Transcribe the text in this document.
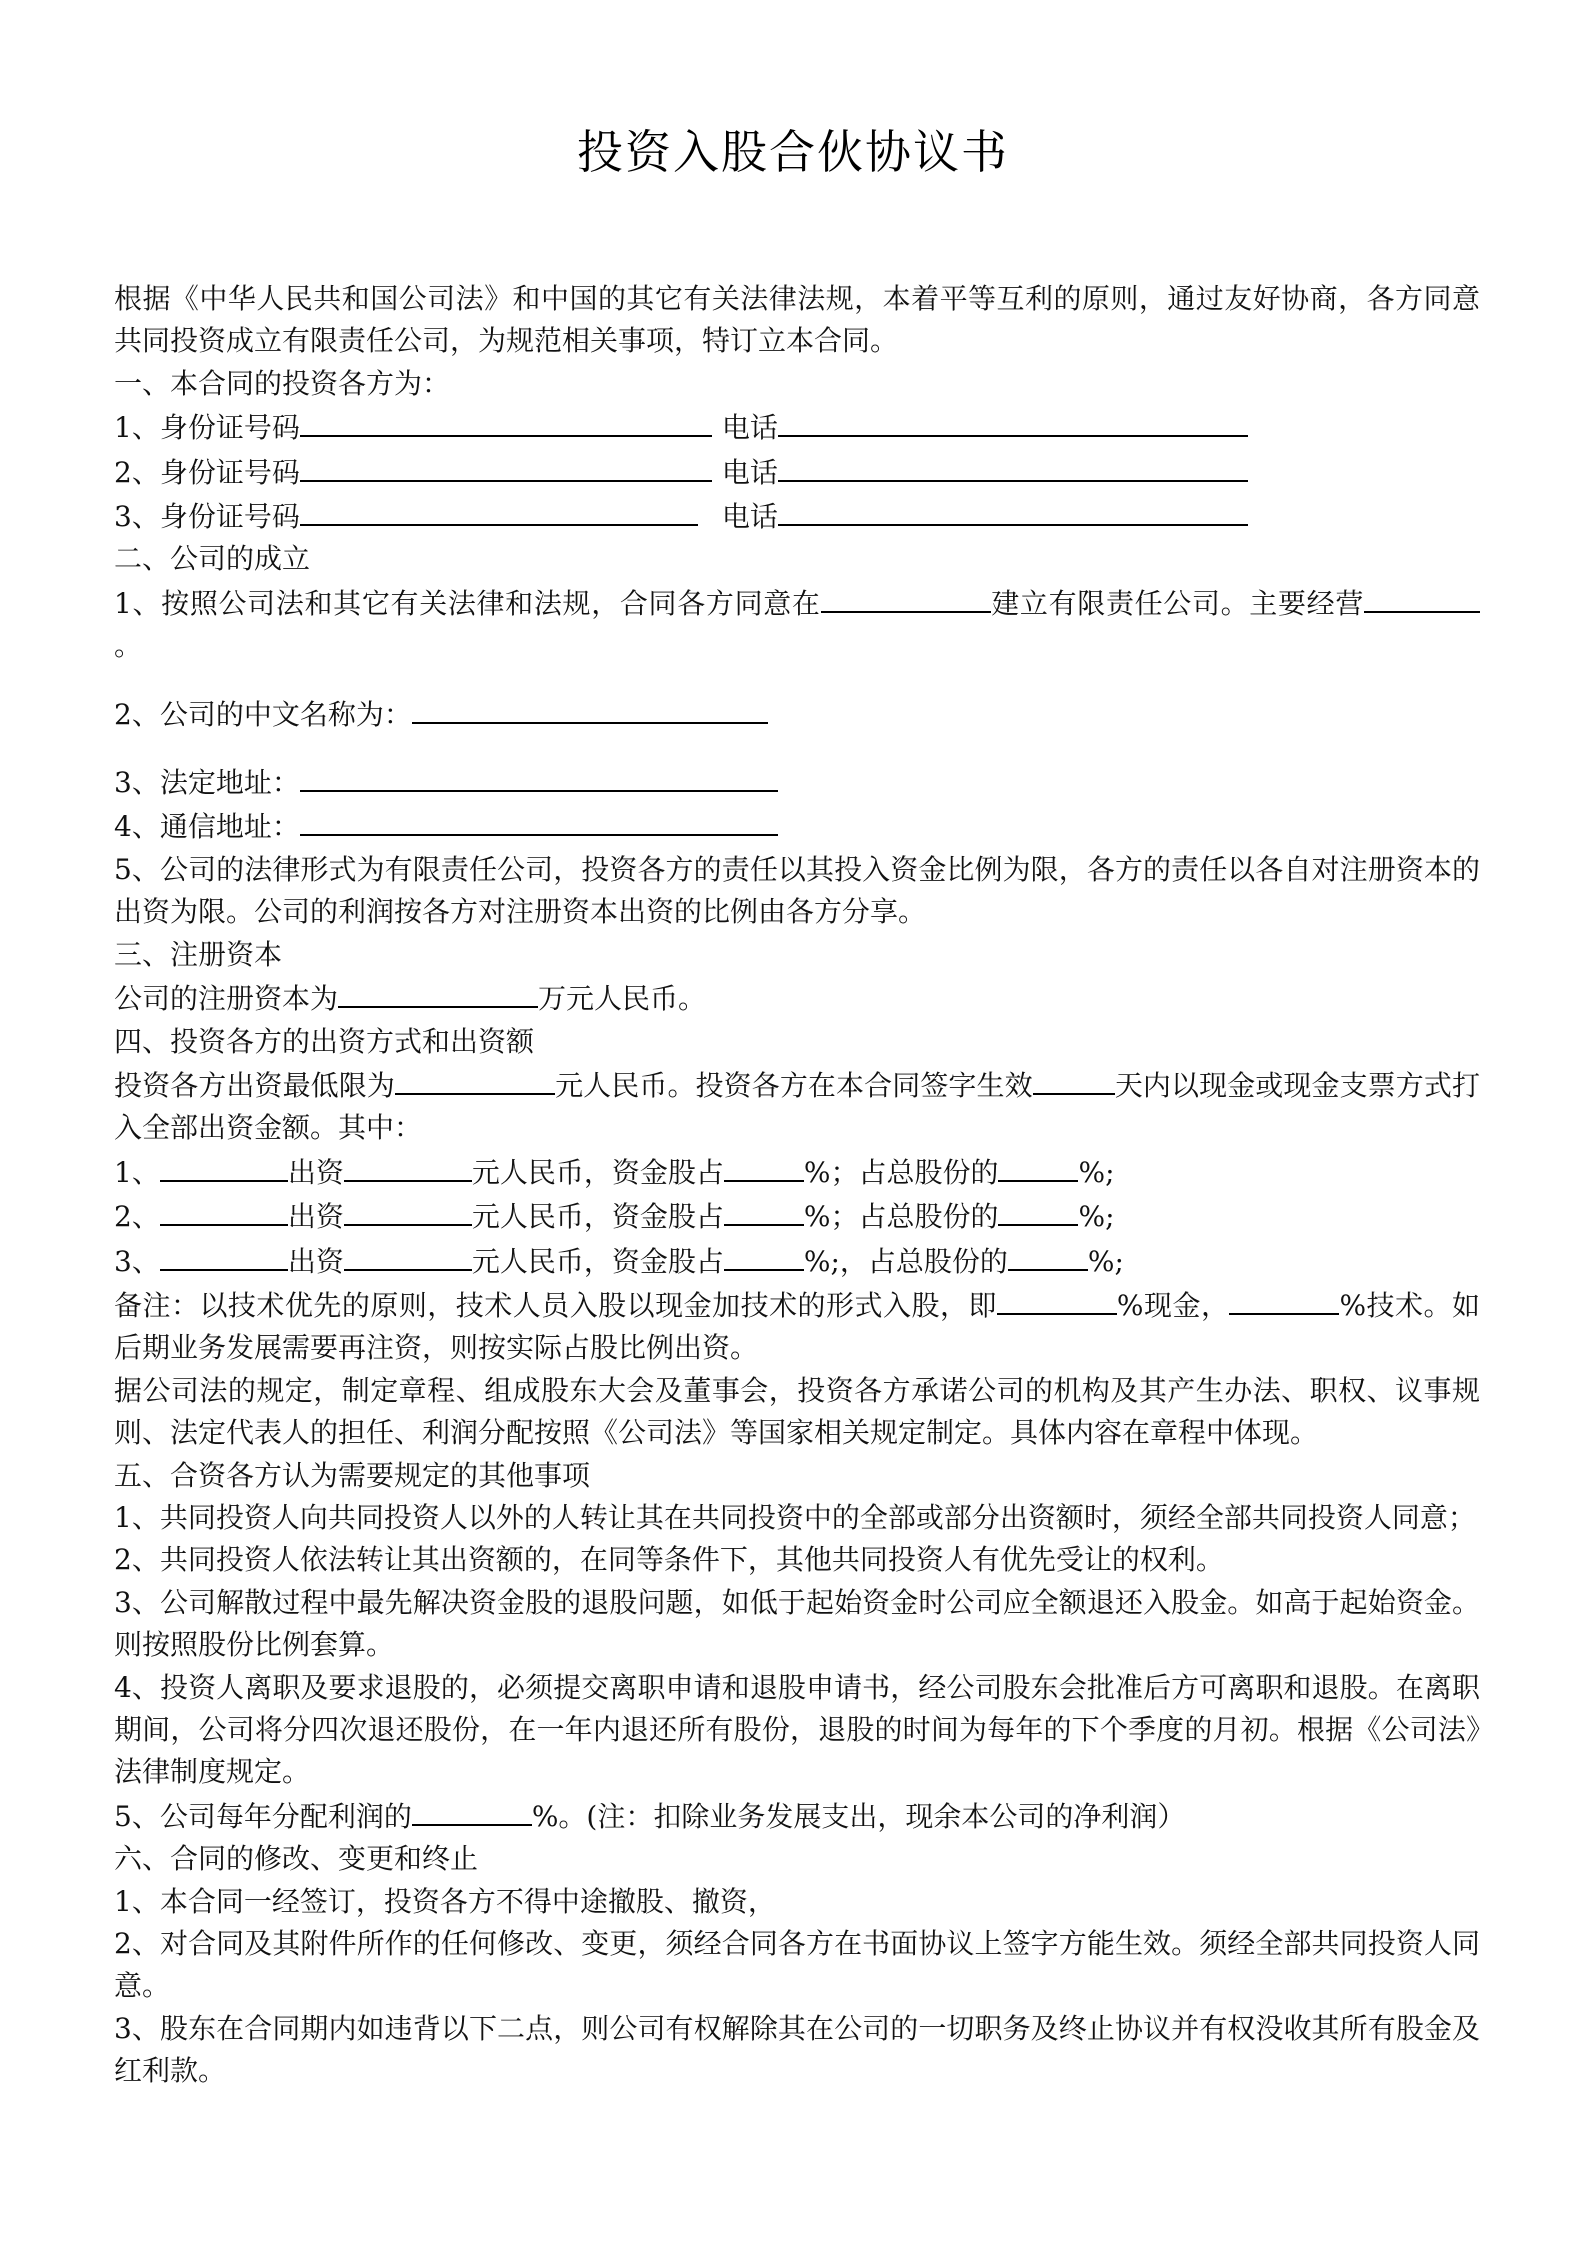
投资入股合伙协议书

根据《中华人民共和国公司法》和中国的其它有关法律法规，本着平等互利的原则，通过友好协商，各方同意共同投资成立有限责任公司，为规范相关事项，特订立本合同。

一、本合同的投资各方为：

1、身份证号码	电话

2、身份证号码	电话

3、身份证号码	电话

二、公司的成立

1、按照公司法和其它有关法律和法规，合同各方同意在	建立有限责任公司。主要经营。

2、公司的中文名称为：

3、法定地址：

4、通信地址：

5、公司的法律形式为有限责任公司，投资各方的责任以其投入资金比例为限，各方的责任以各自对注册资本的出资为限。公司的利润按各方对注册资本出资的比例由各方分享。

三、注册资本

公司的注册资本为	万元人民币。

四、投资各方的出资方式和出资额

投资各方出资最低限为	元人民币。投资各方在本合同签字生效	天内以现金或现金支票方式打入全部出资金额。其中：

1、	出资	元人民币，资金股占	%；占总股份的	%;

2、	出资	元人民币，资金股占	%；占总股份的	%;

3、	出资	元人民币，资金股占	%;，占总股份的	%;

备注：以技术优先的原则，技术人员入股以现金加技术的形式入股，即	%现金，	%技术。如后期业务发展需要再注资，则按实际占股比例出资。

据公司法的规定，制定章程、组成股东大会及董事会，投资各方承诺公司的机构及其产生办法、职权、议事规则、法定代表人的担任、利润分配按照《公司法》等国家相关规定制定。具体内容在章程中体现。

五、合资各方认为需要规定的其他事项

1、共同投资人向共同投资人以外的人转让其在共同投资中的全部或部分出资额时，须经全部共同投资人同意；

2、共同投资人依法转让其出资额的，在同等条件下，其他共同投资人有优先受让的权利。

3、公司解散过程中最先解决资金股的退股问题，如低于起始资金时公司应全额退还入股金。如高于起始资金。则按照股份比例套算。

4、投资人离职及要求退股的，必须提交离职申请和退股申请书，经公司股东会批准后方可离职和退股。在离职期间，公司将分四次退还股份，在一年内退还所有股份，退股的时间为每年的下个季度的月初。根据《公司法》法律制度规定。

5、公司每年分配利润的	%。(注：扣除业务发展支出，现余本公司的净利润）

六、合同的修改、变更和终止

1、本合同一经签订，投资各方不得中途撤股、撤资，

2、对合同及其附件所作的任何修改、变更，须经合同各方在书面协议上签字方能生效。须经全部共同投资人同意。

3、股东在合同期内如违背以下二点，则公司有权解除其在公司的一切职务及终止协议并有权没收其所有股金及红利款。
